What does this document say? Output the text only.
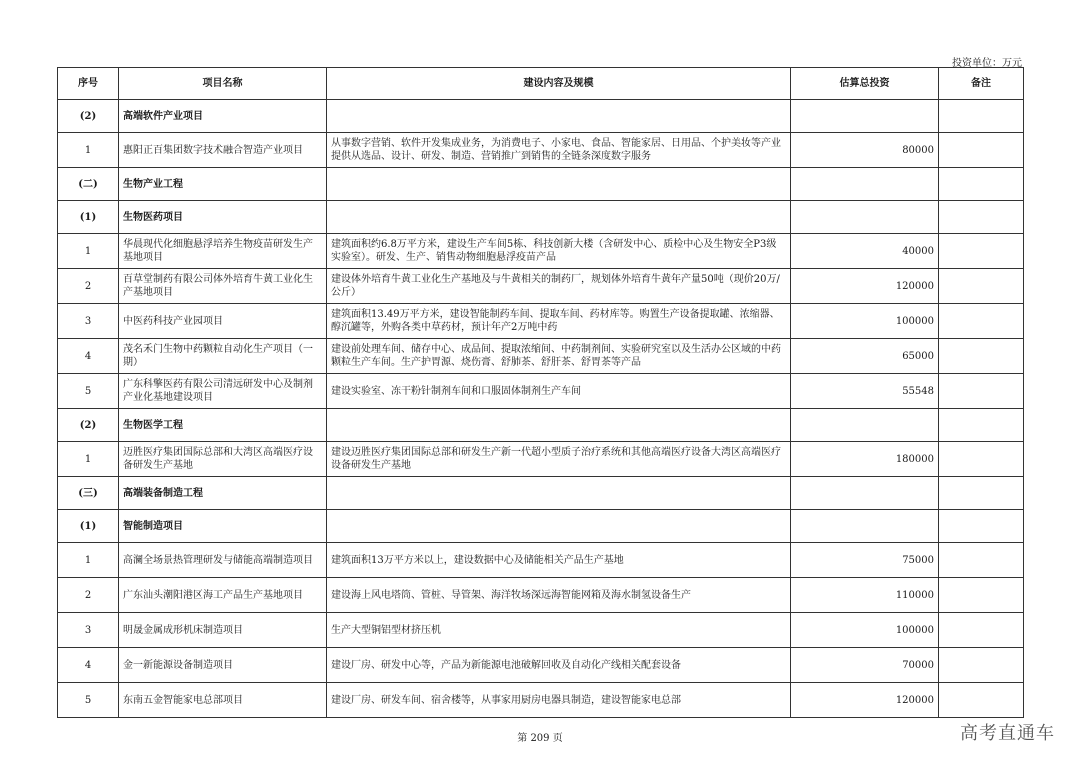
投资单位：万元
序号	项目名称	建设内容及规模	估算总投资	备注
(2)	高端软件产业项目			
1	惠阳正百集团数字技术融合智造产业项目	从事数字营销、软件开发集成业务，为消费电子、小家电、食品、智能家居、日用品、个护美妆等产业提供从选品、设计、研发、制造、营销推广到销售的全链条深度数字服务	80000	
(二)	生物产业工程			
(1)	生物医药项目			
1	华晨现代化细胞悬浮培养生物疫苗研发生产基地项目	建筑面积约6.8万平方米，建设生产车间5栋、科技创新大楼（含研发中心、质检中心及生物安全P3级实验室）。研发、生产、销售动物细胞悬浮疫苗产品	40000	
2	百草堂制药有限公司体外培育牛黄工业化生产基地项目	建设体外培育牛黄工业化生产基地及与牛黄相关的制药厂，规划体外培育牛黄年产量50吨（现价20万/公斤）	120000	
3	中医药科技产业园项目	建筑面积13.49万平方米，建设智能制药车间、提取车间、药材库等。购置生产设备提取罐、浓缩器、醇沉罐等，外购各类中草药材，预计年产2万吨中药	100000	
4	茂名禾门生物中药颗粒自动化生产项目（一期）	建设前处理车间、储存中心、成品间、提取浓缩间、中药制剂间、实验研究室以及生活办公区域的中药颗粒生产车间。生产护胃源、烧伤膏、舒肺茶、舒肝茶、舒胃茶等产品	65000	
5	广东科擎医药有限公司清远研发中心及制剂产业化基地建设项目	建设实验室、冻干粉针制剂车间和口服固体制剂生产车间	55548	
(2)	生物医学工程			
1	迈胜医疗集团国际总部和大湾区高端医疗设备研发生产基地	建设迈胜医疗集团国际总部和研发生产新一代超小型质子治疗系统和其他高端医疗设备大湾区高端医疗设备研发生产基地	180000	
(三)	高端装备制造工程			
(1)	智能制造项目			
1	高澜全场景热管理研发与储能高端制造项目	建筑面积13万平方米以上，建设数据中心及储能相关产品生产基地	75000	
2	广东汕头潮阳港区海工产品生产基地项目	建设海上风电塔筒、管桩、导管架、海洋牧场深远海智能网箱及海水制氢设备生产	110000	
3	明晟金属成形机床制造项目	生产大型铜铝型材挤压机	100000	
4	金一新能源设备制造项目	建设厂房、研发中心等，产品为新能源电池破解回收及自动化产线相关配套设备	70000	
5	东南五金智能家电总部项目	建设厂房、研发车间、宿舍楼等，从事家用厨房电器具制造，建设智能家电总部	120000	
第 209 页	高考直通车
